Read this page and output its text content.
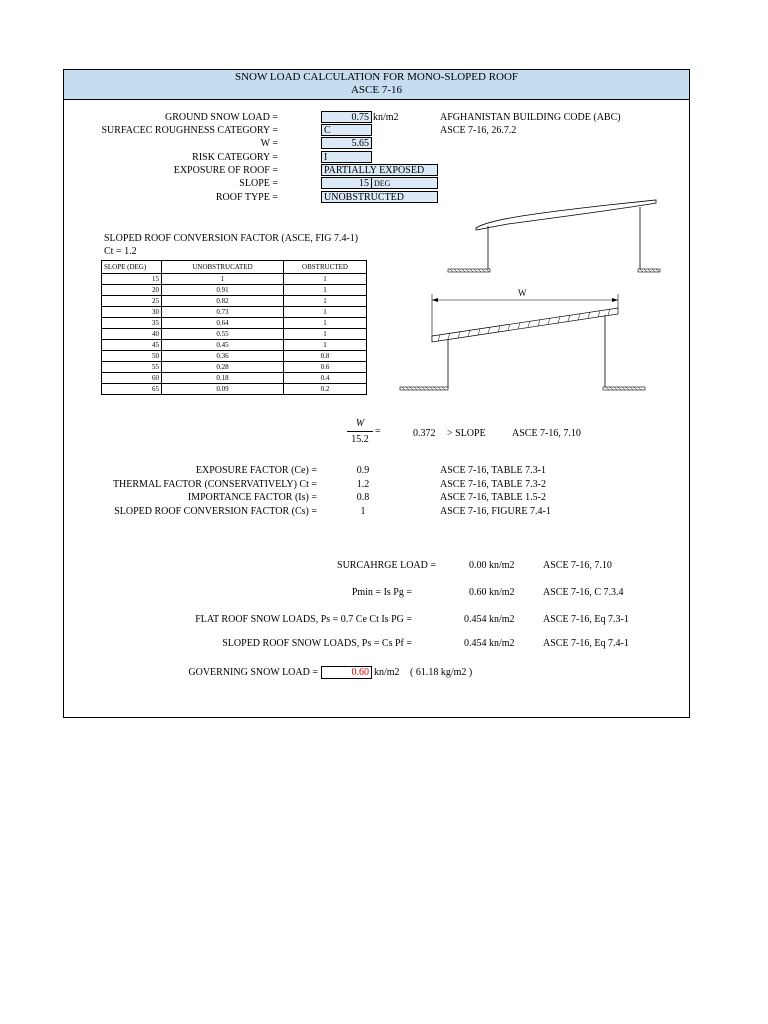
SNOW LOAD CALCULATION FOR MONO-SLOPED ROOF
ASCE 7-16
GROUND SNOW LOAD =	0.75 kn/m2	AFGHANISTAN BUILDING CODE (ABC)
SURFACEC ROUGHNESS CATEGORY =	C	ASCE 7-16, 26.7.2
W =	5.65
RISK CATEGORY =	I
EXPOSURE OF ROOF =	PARTIALLY EXPOSED
SLOPE =	15 DEG
ROOF TYPE =	UNOBSTRUCTED
SLOPED ROOF CONVERSION FACTOR (ASCE, FIG 7.4-1)
Ct = 1.2
SLOPE (DEG)	UNOBSTRUCATED	OBSTRUCTED
15	1	1
20	0.91	1
25	0.82	1
30	0.73	1
35	0.64	1
40	0.55	1
45	0.45	1
50	0.36	0.8
55	0.28	0.6
60	0.18	0.4
65	0.09	0.2
W
W
15.2
=	0.372 > SLOPE	ASCE 7-16, 7.10
EXPOSURE FACTOR (Ce) =	0.9	ASCE 7-16, TABLE 7.3-1
THERMAL FACTOR (CONSERVATIVELY) Ct =	1.2	ASCE 7-16, TABLE 7.3-2
IMPORTANCE FACTOR (Is) =	0.8	ASCE 7-16, TABLE 1.5-2
SLOPED ROOF CONVERSION FACTOR (Cs) =	1	ASCE 7-16, FIGURE 7.4-1
SURCAHRGE LOAD =	0.00 kn/m2	ASCE 7-16, 7.10
Pmin = Is Pg =	0.60 kn/m2	ASCE 7-16, C 7.3.4
FLAT ROOF SNOW LOADS, Ps = 0.7 Ce Ct Is PG =	0.454 kn/m2	ASCE 7-16, Eq 7.3-1
SLOPED ROOF SNOW LOADS, Ps = Cs Pf =	0.454 kn/m2	ASCE 7-16, Eq 7.4-1
GOVERNING SNOW LOAD =	0.60 kn/m2 ( 61.18 kg/m2 )
